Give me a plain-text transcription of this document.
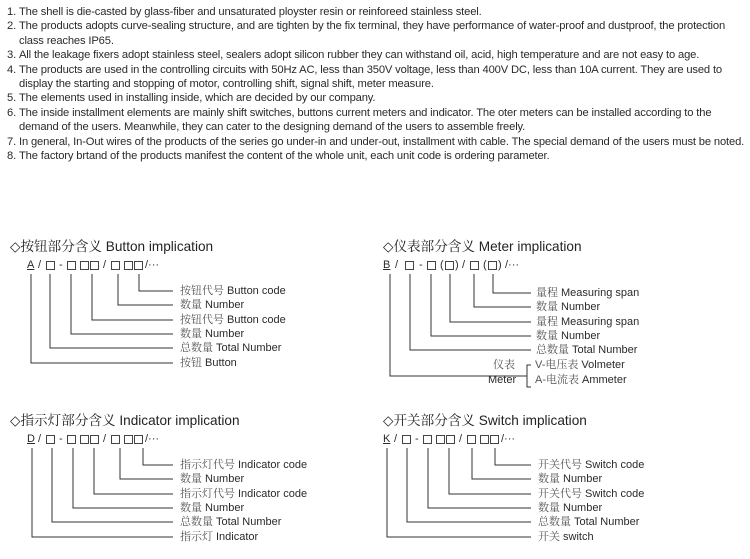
1. The shell is die-casted by glass-fiber and unsaturated ployster resin or reinforeed stainless steel.
2. The products adopts curve-sealing structure, and are tighten by the fix terminal, they have performance of water-proof and dustproof, the protection class reaches IP65.
3. All the leakage fixers adopt stainless steel, sealers adopt silicon rubber they can withstand oil, acid, high temperature and are not easy to age.
4. The products are used in the controlling circuits with 50Hz AC, less than 350V voltage, less than 400V DC, less than 10A current. They are used to display the starting and stopping of motor, controlling shift, signal shift, meter measure.
5. The elements used in installing inside, which are decided by our company.
6. The inside installment elements are mainly shift switches, buttons current meters and indicator. The oter meters can be installed according to the demand of the users. Meanwhile, they can cater to the designing demand of the users to assemble freely.
7. In general, In-Out wires of the products of the series go under-in and under-out, installment with cable. The special demand of the users must be noted.
8. The factory brtand of the products manifest the content of the whole unit, each unit code is ordering parameter.
◇按钮部分含义 Button implication
A / -	/	/···
按钮代号 Button code
数量 Number
按钮代号 Button code
数量 Number
总数量 Total Number
按钮 Button
◇仪表部分含义 Meter implication
B / - ( ) / ( ) /···
量程 Measuring span
数量 Number
量程 Measuring span
数量 Number
总数量 Total Number
仪表
Meter
V-电压表 Volmeter
A-电流表 Ammeter
◇指示灯部分含义 Indicator implication
D / -	/	/···
指示灯代号 Indicator code
数量 Number
指示灯代号 Indicator code
数量 Number
总数量 Total Number
指示灯 Indicator
◇开关部分含义 Switch implication
K / -	/	/···
开关代号 Switch code
数量 Number
开关代号 Switch code
数量 Number
总数量 Total Number
开关 switch
